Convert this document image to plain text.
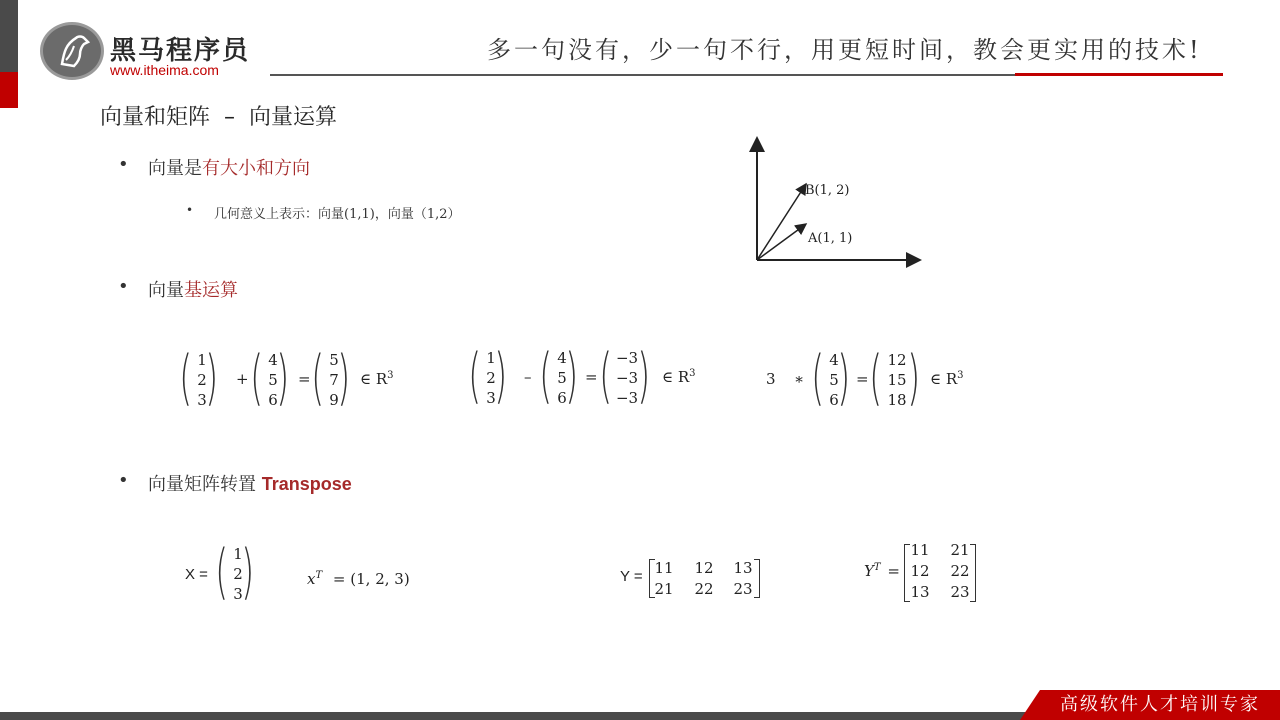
黑马程序员
www.itheima.com
多一句没有，少一句不行，用更短时间，教会更实用的技术!
向量和矩阵  –  向量运算
• 向量是有大小和方向
• 几何意义上表示：向量(1,1)，向量（1,2）
B(1, 2)
A(1, 1)
• 向量基运算
( 1
2
3
) + ( 4
5
6
) = ( 5
7
9
) ∈ $R^3$ ( 1
2
3
) – ( 4
5
6
) = ( −3
−3
−3 ) ∈ $R^3$	3 ∗ ( 4
5
6
) = ( 12
15
18 ) ∈ $R^3$
• 向量矩阵转置 Transpose
X = ( 1
2
3
)	$x^T = (1$, 2, 3)	Y = 11	12	13
21	22	23
$Y^T$ =
11	21
12	22
13	23
高级软件人才培训专家
